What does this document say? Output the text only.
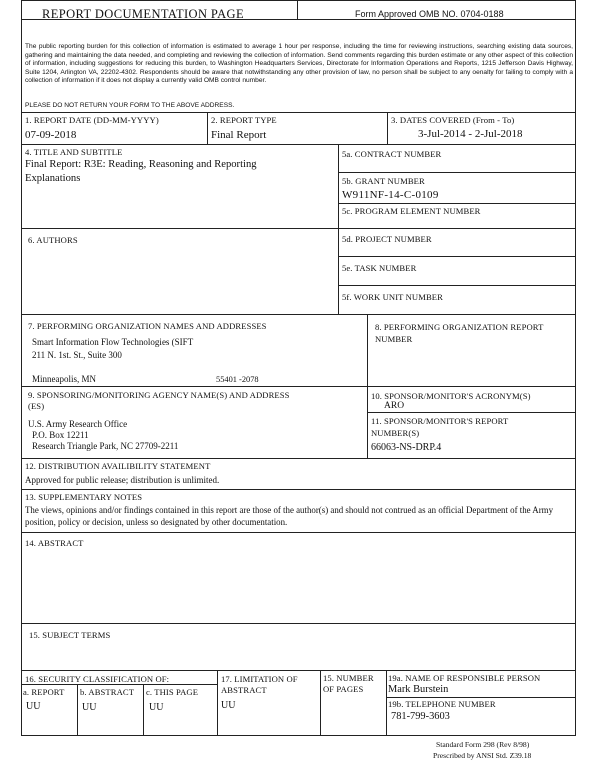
REPORT DOCUMENTATION PAGE	Form Approved OMB NO. 0704-0188
The public reporting burden for this collection of information is estimated to average 1 hour per response, including the time for reviewing instructions, searching existing data sources, gathering and maintaining the data needed, and completing and reviewing the collection of information. Send comments regarding this burden estimate or any other aspect of this collection of information, including suggestions for reducing this burden, to Washington Headquarters Services, Directorate for Information Operations and Reports, 1215 Jefferson Davis Highway, Suite 1204, Arlington VA, 22202-4302. Respondents should be aware that notwithstanding any other provision of law, no person shall be subject to any oenalty for failing to comply with a collection of information if it does not display a currently valid OMB control number.
PLEASE DO NOT RETURN YOUR FORM TO THE ABOVE ADDRESS.
1. REPORT DATE (DD-MM-YYYY)
07-09-2018
2. REPORT TYPE
Final Report
3. DATES COVERED (From - To)
3-Jul-2014 - 2-Jul-2018
4. TITLE AND SUBTITLE
Final Report: R3E: Reading, Reasoning and Reporting
Explanations
5a. CONTRACT NUMBER
5b. GRANT NUMBER
W911NF-14-C-0109
5c. PROGRAM ELEMENT NUMBER
6. AUTHORS	5d. PROJECT NUMBER
5e. TASK NUMBER
5f. WORK UNIT NUMBER
7. PERFORMING ORGANIZATION NAMES AND ADDRESSES
Smart Information Flow Technologies (SIFT
211 N. 1st. St., Suite 300
Minneapolis, MN	55401 -2078
8. PERFORMING ORGANIZATION REPORT
NUMBER
9. SPONSORING/MONITORING AGENCY NAME(S) AND ADDRESS
(ES)
U.S. Army Research Office
P.O. Box 12211
Research Triangle Park, NC 27709-2211
10. SPONSOR/MONITOR'S ACRONYM(S)
ARO
11. SPONSOR/MONITOR'S REPORT
NUMBER(S)
66063-NS-DRP.4
12. DISTRIBUTION AVAILIBILITY STATEMENT
Approved for public release; distribution is unlimited.
13. SUPPLEMENTARY NOTES
The views, opinions and/or findings contained in this report are those of the author(s) and should not contrued as an official Department of the Army position, policy or decision, unless so designated by other documentation.
14. ABSTRACT
15. SUBJECT TERMS
16. SECURITY CLASSIFICATION OF:
a. REPORT
UU
b. ABSTRACT
UU
c. THIS PAGE
UU
17. LIMITATION OF
ABSTRACT
UU
15. NUMBER
OF PAGES
19a. NAME OF RESPONSIBLE PERSON
Mark Burstein
19b. TELEPHONE NUMBER
781-799-3603
Standard Form 298 (Rev 8/98)
Prescribed by ANSI Std. Z39.18
